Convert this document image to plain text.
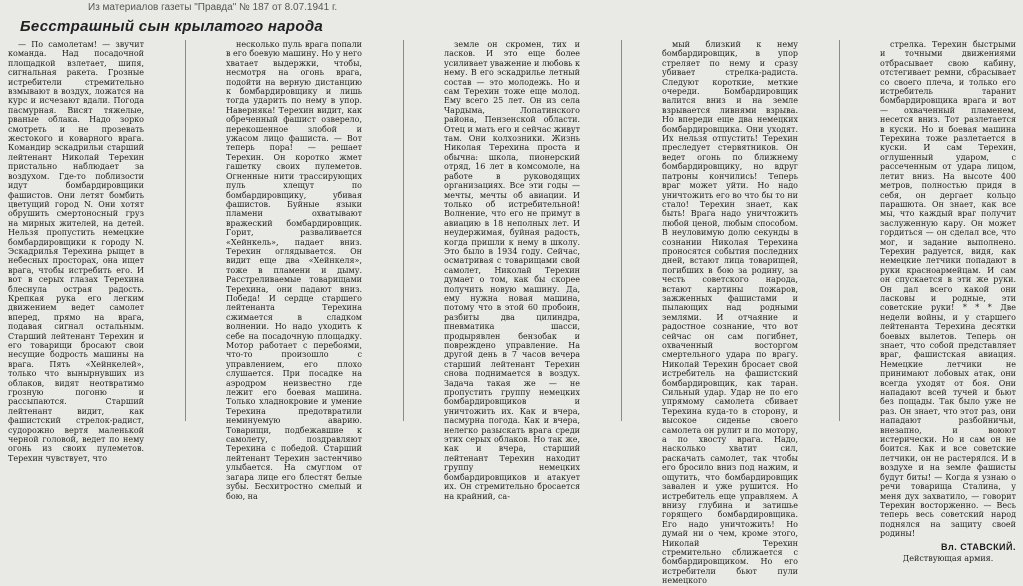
Из материалов газеты "Правда" № 187 от 8.07.1941 г.
Бесстрашный сын крылатого народа

— По самолетам! — звучит команда. Над посадочной площадкой взлетает, шипя, сигнальная ракета. Грозные истребители стремительно взмывают в воздух, ложатся на курс и исчезают вдали. Погода пасмурная. Висят тяжелые, рваные облака. Надо зорко смотреть и не прозевать жестокого и коварного врага. Командир эскадрильи старший лейтенант Николай Терехин пристально наблюдает за воздухом. Где-то поблизости идут бомбардировщики фашистов. Они летят бомбить цветущий город N. Они хотят обрушить смертоносный груз на мирных жителей, на детей. Нельзя пропустить немецкие бомбардировщики к городу N. Эскадрилья Терехина рыщет в небесных просторах, она ищет врага, чтобы истребить его. И вот в серых глазах Терехина блеснула острая радость. Крепкая рука его легким движением ведет самолет вперед, прямо на врага, подавая сигнал остальным. Старший лейтенант Терехин и его товарищи бросают свои несущие бодрость машины на врага. Пять «Хейнкелей», только что вынырнувших из облаков, видят неотвратимо грозную погоню и рассыпаются. Старший лейтенант видит, как фашистский стрелок-радист, судорожно вертя маленькой черной головой, ведет по нему огонь из своих пулеметов. Терехин чувствует, что

несколько пуль врага попали в его боевую машину. Но у него хватает выдержки, чтобы, несмотря на огонь врага, подойти на верную дистанцию к бомбардировщику и лишь тогда ударить по нему в упор. Наверняка! Терехин видит, как обреченный фашист озверело, перекошенное злобой и ужасом лицо фашиста. — Вот теперь пора! — решает Терехин. Он коротко жмет гашетку своих пулеметов. Огненные нити трассирующих пуль хлещут по бомбардировщику, убивая фашистов. Буйные языки пламени охватывают вражеский бомбардировщик. Горит, разваливается «Хейнкель», падает вниз. Терехин оглядывается. Он видит еще два «Хейнкеля», тоже в пламени и дыму. Расстреливаемые товарищами Терехина, они падают вниз. Победа! И сердце старшего лейтенанта Терехина сжимается в сладком волнении. Но надо уходить к себе на посадочную площадку. Мотор работает с перебоями, что-то произошло с управлением, его плохо слушается. При посадке на аэродром неизвестно где лежит его боевая машина. Только хладнокровие и умение Терехина предотвратили неминуемую аварию. Товарищи, подбежавшие к самолету, поздравляют Терехина с победой. Старший лейтенант Терехин застенчиво улыбается. На смуглом от загара лице его блестят белые зубы. Бесхитростно смелый и бою, на

земле он скромен, тих и ласков. И это еще более усиливает уважение и любовь к нему. В его эскадрилье летный состав — это молодежь. Но и сам Терехин тоже еще молод. Ему всего 25 лет. Он из села Чардыма, Лопатинского района, Пензенской области. Отец и мать его и сейчас живут там. Они колхозники. Жизнь Николая Терехина проста и обычна: школа, пионерский отряд, 16 лет в комсомоле, на работе в руководящих организациях. Все эти годы — мечты, мечты об авиации. И только об истребительной! Волнение, что его не примут в авиацию в 18 неполных лет. И неудержимая, буйная радость, когда пришли к нему в школу. Это было в 1934 году. Сейчас, осматривая с товарищами свой самолет, Николай Терехин думает о том, как бы скорее получить новую машину. Да, ему нужна новая машина, потому что в этой 60 пробоин, разбиты два цилиндра, пневматика шасси, продырявлен бензобак и повреждено управление. На другой день в 7 часов вечера старший лейтенант Терехин снова поднимается в воздух. Задача такая же — не пропустить группу немецких бомбардировщиков и уничтожить их. Как и вчера, пасмурна погода. Как и вчера, нелегко разыскать врага среди этих серых облаков. Но так же, как и вчера, старший лейтенант Терехин находит группу немецких бомбардировщиков и атакует их. Он стремительно бросается на крайний, са-

мый близкий к нему бомбардировщик, в упор стреляет по нему и сразу убивает стрелка-радиста. Следуют короткие, меткие очереди. Бомбардировщик валится вниз и на земле взрывается ливнями взрыва. Но впереди еще два немецких бомбардировщика. Они уходят. Их нельзя отпустить! Терехин преследует стервятников. Он ведет огонь по ближнему бомбардировщику, но вдруг патроны кончились! Теперь враг может уйти. Но надо уничтожить его во что бы то ни стало! Терехин знает, как быть! Врага надо уничтожить любой ценой, любым способом. В неуловимую долю секунды в сознании Николая Терехина проносятся события последних дней, встают лица товарищей, погибших в бою за родину, за честь советского народа, встают картины пожаров, зажженных фашистами и пылающих над родными землями. И отчаяние и радостное сознание, что вот сейчас он сам погибнет, охваченный восторгом смертельного удара по врагу. Николай Терехин бросает свой истребитель на фашистский бомбардировщик, как таран. Сильный удар. Удар не по его упрямому самолета сбивает Терехина куда-то в сторону, и высокое сиденье своего самолета он рулит и по мотору, а по хвосту врага. Надо, насколько хватит сил, раскачать самолет, так чтобы его бросило вниз под нажим, и ощутить, что бомбардировщик завален и уже рушится. Но истребитель еще управляем. А внизу глубина и затишье горящего бомбардировщика. Его надо уничтожить! Но думай ни о чем, кроме этого, Николай Терехин стремительно сближается с бомбардировщиком. Но его истребители бьют пули немецкого

стрелка. Терехин быстрыми и точными движениями отбрасывает свою кабину, отстегивает ремни, сбрасывает со своего плеча, и только его истребитель таранит бомбардировщика врага и вот — охваченный пламенем, несется вниз. Тот разлетается в куски. Но и боевая машина Терехина тоже разлетается в куски. И сам Терехин, оглушенный ударом, с рассеченным от удара лицом, летит вниз. На высоте 400 метров, полностью придя в себя, он дергает кольцо парашюта. Он знает, как все мы, что каждый враг получит заслуженную кару. Он может гордиться — он сделал все, что мог, и задание выполнено. Терехин радуется, видя, как немецкие летчики попадают в руки красноармейцам. И сам он спускается в эти же руки. Он дал всего какой они ласковы и родные, эти советские руки! * * * Две недели войны, и у старшего лейтенанта Терехина десятки боевых вылетов. Теперь он знает, что собой представляет враг, фашистская авиация. Немецкие летчики не принимают лобовых атак, они всегда уходят от боя. Они нападают всей тучей и бьют без пощады. Так было уже не раз. Он знает, что этот раз, они нападают разбойничьи, внезапно, и воюют истерически. Но и сам он не боится. Как и все советские летчики, он не растерялся. И в воздухе и на земле фашисты будут биты! — Когда я узнаю о речи товарища Сталина, у меня дух захватило, — говорит Терехин восторженно. — Весь теперь весь советский народ поднялся на защиту своей родины!

Вл. СТАВСКИЙ.
Действующая армия.
